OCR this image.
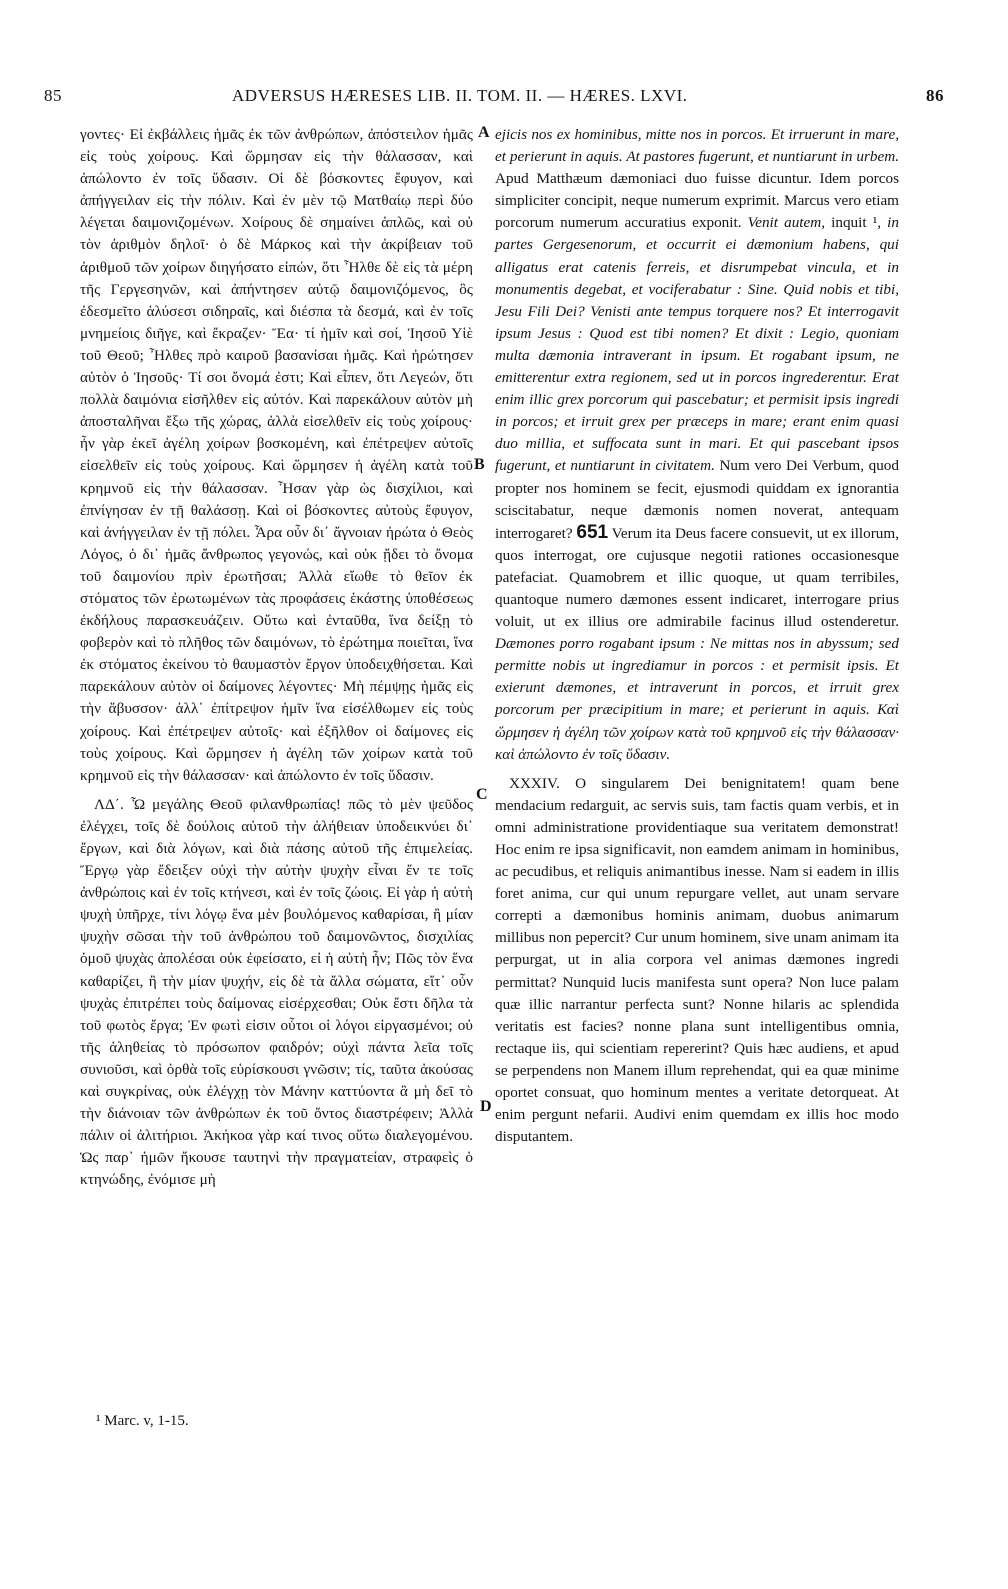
85	ADVERSUS HÆRESES LIB. II. TOM. II. — HÆRES. LXVI.	86

γοντες· Εἰ ἐκβάλλεις ἡμᾶς ἐκ τῶν ἀνθρώπων, ἀπόστειλον ἡμᾶς εἰς τοὺς χοίρους. Καὶ ὥρμησαν εἰς τὴν θάλασσαν, καὶ ἀπώλοντο ἐν τοῖς ὕδασιν. Οἱ δὲ βόσκοντες ἔφυγον, καὶ ἀπήγγειλαν εἰς τὴν πόλιν. Καὶ ἐν μὲν τῷ Ματθαίῳ περὶ δύο λέγεται δαιμονιζομένων. Χοίρους δὲ σημαίνει ἁπλῶς, καὶ οὐ τὸν ἀριθμὸν δηλοῖ· ὁ δὲ Μάρκος καὶ τὴν ἀκρίβειαν τοῦ ἀριθμοῦ τῶν χοίρων διηγήσατο εἰπών, ὅτι Ἦλθε δὲ εἰς τὰ μέρη τῆς Γεργεσηνῶν, καὶ ἀπήντησεν αὐτῷ δαιμονιζόμενος, ὃς ἐδεσμεῖτο ἁλύσεσι σιδηραῖς, καὶ διέσπα τὰ δεσμά, καὶ ἐν τοῖς μνημείοις διῆγε, καὶ ἔκραζεν· Ἔα· τί ἡμῖν καὶ σοί, Ἰησοῦ Υἱὲ τοῦ Θεοῦ; Ἦλθες πρὸ καιροῦ βασανίσαι ἡμᾶς. Καὶ ἠρώτησεν αὐτὸν ὁ Ἰησοῦς· Τί σοι ὄνομά ἐστι; Καὶ εἶπεν, ὅτι Λεγεών, ὅτι πολλὰ δαιμόνια εἰσῆλθεν εἰς αὐτόν. Καὶ παρεκάλουν αὐτὸν μὴ ἀποσταλῆναι ἔξω τῆς χώρας, ἀλλὰ εἰσελθεῖν εἰς τοὺς χοίρους· ἦν γὰρ ἐκεῖ ἀγέλη χοίρων βοσκομένη, καὶ ἐπέτρεψεν αὐτοῖς εἰσελθεῖν εἰς τοὺς χοίρους. Καὶ ὥρμησεν ἡ ἀγέλη κατὰ τοῦ κρημνοῦ εἰς τὴν θάλασσαν. Ἦσαν γὰρ ὡς δισχίλιοι, καὶ ἐπνίγησαν ἐν τῇ θαλάσσῃ. Καὶ οἱ βόσκοντες αὐτοὺς ἔφυγον, καὶ ἀνήγγειλαν ἐν τῇ πόλει. Ἆρα οὖν δι᾿ ἄγνοιαν ἠρώτα ὁ Θεὸς Λόγος, ὁ δι᾿ ἡμᾶς ἄνθρωπος γεγονώς, καὶ οὐκ ᾔδει τὸ ὄνομα τοῦ δαιμονίου πρὶν ἐρωτῆσαι; Ἀλλὰ εἴωθε τὸ θεῖον ἐκ στόματος τῶν ἐρωτωμένων τὰς προφάσεις ἑκάστης ὑποθέσεως ἐκδήλους παρασκευάζειν. Οὕτω καὶ ἐνταῦθα, ἵνα δείξῃ τὸ φοβερὸν καὶ τὸ πλῆθος τῶν δαιμόνων, τὸ ἐρώτημα ποιεῖται, ἵνα ἐκ στόματος ἐκείνου τὸ θαυμαστὸν ἔργον ὑποδειχθήσεται. Καὶ παρεκάλουν αὐτὸν οἱ δαίμονες λέγοντες· Μὴ πέμψῃς ἡμᾶς εἰς τὴν ἄβυσσον· ἀλλ᾿ ἐπίτρεψον ἡμῖν ἵνα εἰσέλθωμεν εἰς τοὺς χοίρους. Καὶ ἐπέτρεψεν αὐτοῖς· καὶ ἐξῆλθον οἱ δαίμονες εἰς τοὺς χοίρους. Καὶ ὥρμησεν ἡ ἀγέλη τῶν χοίρων κατὰ τοῦ κρημνοῦ εἰς τὴν θάλασσαν· καὶ ἀπώλοντο ἐν τοῖς ὕδασιν.

ΛΔ΄. Ὦ μεγάλης Θεοῦ φιλανθρωπίας! πῶς τὸ μὲν ψεῦδος ἐλέγχει, τοῖς δὲ δούλοις αὐτοῦ τὴν ἀλήθειαν ὑποδεικνύει δι᾿ ἔργων, καὶ διὰ λόγων, καὶ διὰ πάσης αὐτοῦ τῆς ἐπιμελείας. Ἔργῳ γὰρ ἔδειξεν οὐχὶ τὴν αὐτὴν ψυχὴν εἶναι ἔν τε τοῖς ἀνθρώποις καὶ ἐν τοῖς κτήνεσι, καὶ ἐν τοῖς ζώοις. Εἰ γὰρ ἡ αὐτὴ ψυχὴ ὑπῆρχε, τίνι λόγῳ ἕνα μὲν βουλόμενος καθαρίσαι, ἢ μίαν ψυχὴν σῶσαι τὴν τοῦ ἀνθρώπου τοῦ δαιμονῶντος, δισχιλίας ὁμοῦ ψυχὰς ἀπολέσαι οὐκ ἐφείσατο, εἰ ἡ αὐτὴ ἦν; Πῶς τὸν ἕνα καθαρίζει, ἢ τὴν μίαν ψυχήν, εἰς δὲ τὰ ἄλλα σώματα, εἴτ᾿ οὖν ψυχὰς ἐπιτρέπει τοὺς δαίμονας εἰσέρχεσθαι; Οὐκ ἔστι δῆλα τὰ τοῦ φωτὸς ἔργα; Ἐν φωτὶ εἰσιν οὗτοι οἱ λόγοι εἰργασμένοι; οὐ τῆς ἀληθείας τὸ πρόσωπον φαιδρόν; οὐχὶ πάντα λεῖα τοῖς συνιοῦσι, καὶ ὀρθὰ τοῖς εὑρίσκουσι γνῶσιν; τίς, ταῦτα ἀκούσας καὶ συγκρίνας, οὐκ ἐλέγχῃ τὸν Μάνην καττύοντα ἃ μὴ δεῖ τὸ τὴν διάνοιαν τῶν ἀνθρώπων ἐκ τοῦ ὄντος διαστρέφειν; Ἀλλὰ πάλιν οἱ ἀλιτήριοι. Ἀκήκοα γὰρ καί τινος οὕτω διαλεγομένου. Ὡς παρ᾿ ἡμῶν ἤκουσε ταυτηνὶ τὴν πραγματείαν, στραφεὶς ὁ κτηνώδης, ἐνόμισε μὴ

ejicis nos ex hominibus, mitte nos in porcos. Et irruerunt in mare, et perierunt in aquis. At pastores fugerunt, et nuntiarunt in urbem. Apud Matthæum dæmoniaci duo fuisse dicuntur. Idem porcos simpliciter concipit, neque numerum exprimit. Marcus vero etiam porcorum numerum accuratius exponit. Venit autem, inquit ¹, in partes Gergesenorum, et occurrit ei dæmonium habens, qui alligatus erat catenis ferreis, et disrumpebat vincula, et in monumentis degebat, et vociferabatur : Sine. Quid nobis et tibi, Jesu Fili Dei? Venisti ante tempus torquere nos? Et interrogavit ipsum Jesus : Quod est tibi nomen? Et dixit : Legio, quoniam multa dæmonia intraverant in ipsum. Et rogabant ipsum, ne emitterentur extra regionem, sed ut in porcos ingrederentur. Erat enim illic grex porcorum qui pascebatur; et permisit ipsis ingredi in porcos; et irruit grex per præceps in mare; erant enim quasi duo millia, et suffocata sunt in mari. Et qui pascebant ipsos fugerunt, et nuntiarunt in civitatem. Num vero Dei Verbum, quod propter nos hominem se fecit, ejusmodi quiddam ex ignorantia sciscitabatur, neque dæmonis nomen noverat, antequam interrogaret? 651 Verum ita Deus facere consuevit, ut ex illorum, quos interrogat, ore cujusque negotii rationes occasionesque patefaciat. Quamobrem et illic quoque, ut quam terribiles, quantoque numero dæmones essent indicaret, interrogare prius voluit, ut ex illius ore admirabile facinus illud ostenderetur. Dæmones porro rogabant ipsum : Ne mittas nos in abyssum; sed permitte nobis ut ingrediamur in porcos : et permisit ipsis. Et exierunt dæmones, et intraverunt in porcos, et irruit grex porcorum per præcipitium in mare; et perierunt in aquis. Καὶ ὥρμησεν ἡ ἀγέλη τῶν χοίρων κατὰ τοῦ κρημνοῦ εἰς τὴν θάλασσαν· καὶ ἀπώλοντο ἐν τοῖς ὕδασιν.

XXXIV. O singularem Dei benignitatem! quam bene mendacium redarguit, ac servis suis, tam factis quam verbis, et in omni administratione providentiaque sua veritatem demonstrat! Hoc enim re ipsa significavit, non eamdem animam in hominibus, ac pecudibus, et reliquis animantibus inesse. Nam si eadem in illis foret anima, cur qui unum repurgare vellet, aut unam servare correpti a dæmonibus hominis animam, duobus animarum millibus non pepercit? Cur unum hominem, sive unam animam ita perpurgat, ut in alia corpora vel animas dæmones ingredi permittat? Nunquid lucis manifesta sunt opera? Non luce palam quæ illic narrantur perfecta sunt? Nonne hilaris ac splendida veritatis est facies? nonne plana sunt intelligentibus omnia, rectaque iis, qui scientiam repererint? Quis hæc audiens, et apud se perpendens non Manem illum reprehendat, qui ea quæ minime oportet consuat, quo hominum mentes a veritate detorqueat. At enim pergunt nefarii. Audivi enim quemdam ex illis hoc modo disputantem.

A
B
C
D
¹ Marc. v, 1-15.
